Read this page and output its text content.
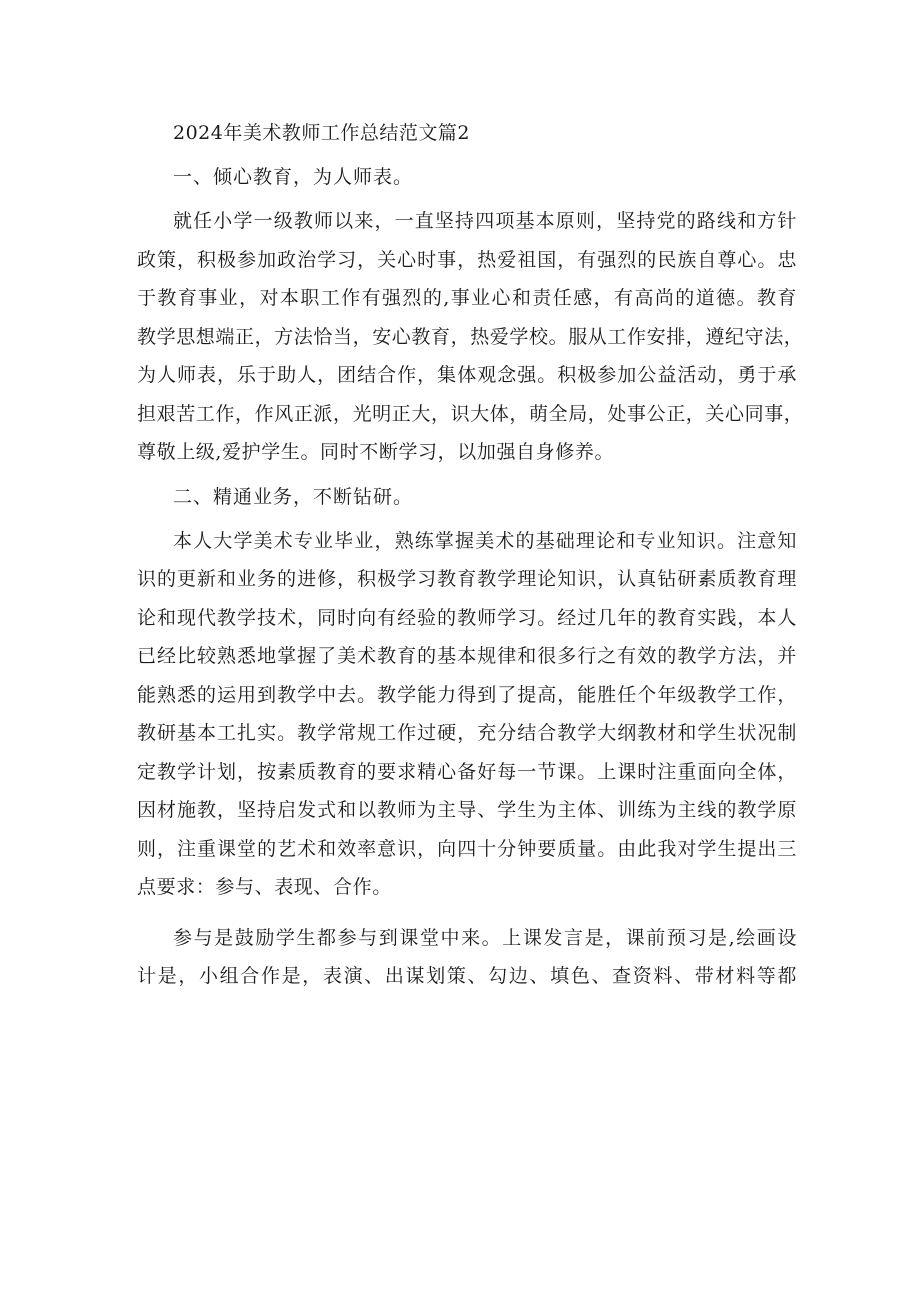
2024年美术教师工作总结范文篇2
一、倾心教育，为人师表。
就任小学一级教师以来，一直坚持四项基本原则，坚持党的路线和方针
政策，积极参加政治学习，关心时事，热爱祖国，有强烈的民族自尊心。忠
于教育事业，对本职工作有强烈的,事业心和责任感，有高尚的道德。教育
教学思想端正，方法恰当，安心教育，热爱学校。服从工作安排，遵纪守法，
为人师表，乐于助人，团结合作，集体观念强。积极参加公益活动，勇于承
担艰苦工作，作风正派，光明正大，识大体，萌全局，处事公正，关心同事，
尊敬上级,爱护学生。同时不断学习，以加强自身修养。
二、精通业务，不断钻研。
本人大学美术专业毕业，熟练掌握美术的基础理论和专业知识。注意知
识的更新和业务的进修，积极学习教育教学理论知识，认真钻研素质教育理
论和现代教学技术，同时向有经验的教师学习。经过几年的教育实践，本人
已经比较熟悉地掌握了美术教育的基本规律和很多行之有效的教学方法，并
能熟悉的运用到教学中去。教学能力得到了提高，能胜任个年级教学工作，
教研基本工扎实。教学常规工作过硬，充分结合教学大纲教材和学生状况制
定教学计划，按素质教育的要求精心备好每一节课。上课时注重面向全体，
因材施教，坚持启发式和以教师为主导、学生为主体、训练为主线的教学原
则，注重课堂的艺术和效率意识，向四十分钟要质量。由此我对学生提出三
点要求：参与、表现、合作。
参与是鼓励学生都参与到课堂中来。上课发言是，课前预习是,绘画设
计是，小组合作是，表演、出谋划策、勾边、填色、查资料、带材料等都
